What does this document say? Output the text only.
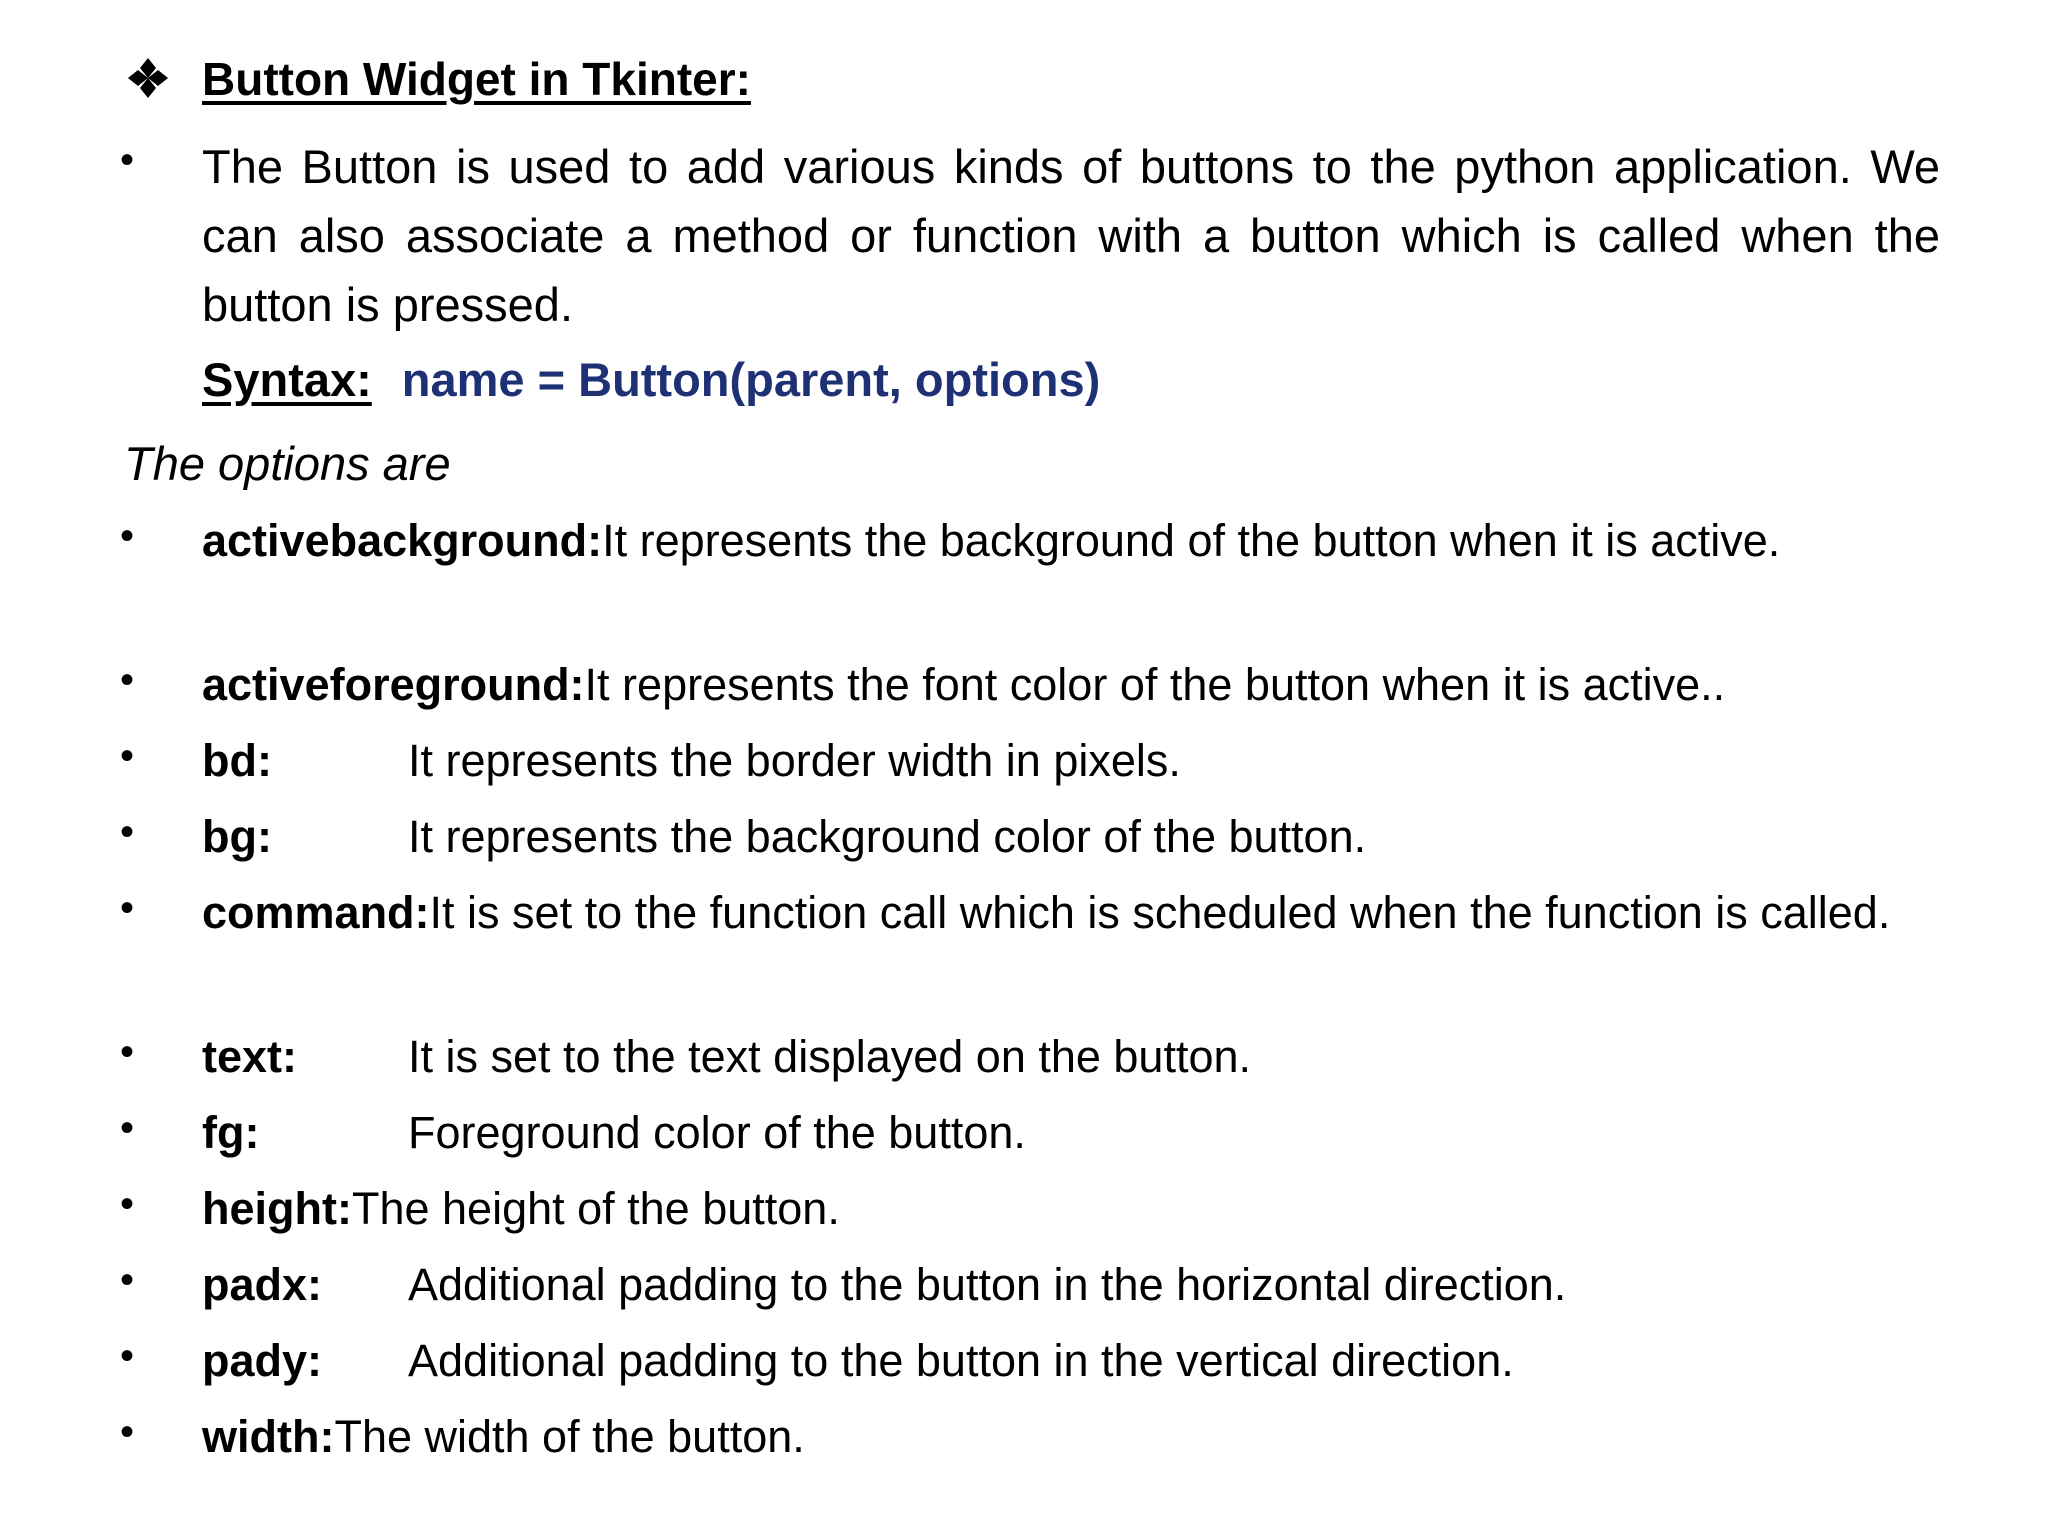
Button Widget in Tkinter:
• The Button is used to add various kinds of buttons to the python application. We can also associate a method or function with a button which is called when the button is pressed.
Syntax: name = Button(parent, options)
The options are
• activebackground:It represents the background of the button when it is active.
• activeforeground:It represents the font color of the button when it is active..
• bd:	It represents the border width in pixels.
• bg:	It represents the background color of the button.
• command:It is set to the function call which is scheduled when the function is called.
• text: It is set to the text displayed on the button.
• fg:	Foreground color of the button.
• height:The height of the button.
• padx: Additional padding to the button in the horizontal direction.
• pady: Additional padding to the button in the vertical direction.
• width:The width of the button.
